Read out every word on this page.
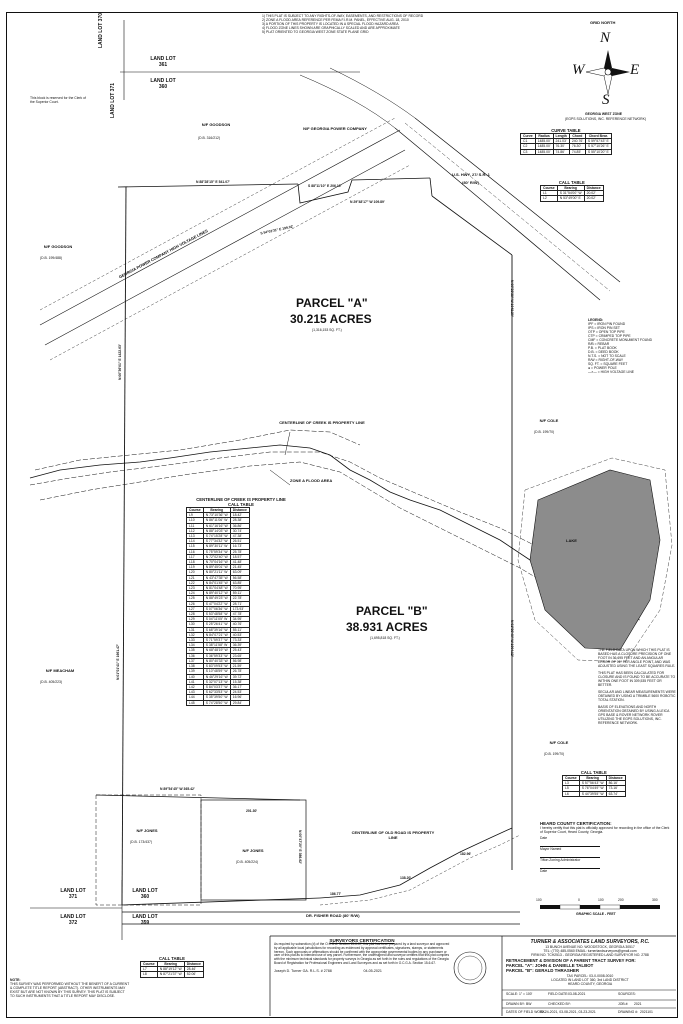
1) THIS PLAT IS SUBJECT TO ANY RIGHTS-OF-WAY, EASEMENTS, AND RESTRICTIONS OF RECORD
2) ZONE A FLOOD AREA REFERENCE PER FEMA F.I.R.M. PANEL, EFFECTIVE AUG. 18, 2010
3) A PORTION OF THIS PROPERTY IS LOCATED IN A SPECIAL FLOOD HAZARD AREA
4) FLOOD ZONE LINES SHOWN ARE GRAPHICALLY SCALED AND ARE APPROXIMATE
5) PLAT ORIENTED TO GEORGIA WEST ZONE STATE PLANE GRID
GRID NORTH
N
W	E
S
GEORGIA WEST ZONE
(EGPS SOLUTIONS, INC. REFERENCE NETWORK)
CURVE TABLE
Curve	Radius	Length	Chord	Chord Bear.
C1	1485.00'	241.03'	240.76'	S 59°57'43" E
C2	1485.00'	76.30'	76.30'	S 57°10'26" E
C3	1485.00'	74.86'	74.85'	S 55°10'20" E
CALL TABLE
Course	Bearing	Distance
L1	S 31°54'00" W	20.02'
L2	N 53°49'00" E	20.02'
LEGEND:
IPF = IRON PIN FOUND
IPS = IRON PIN SET
OTP = OPEN TOP PIPE
CTP = CRIMPED TOP PIPE
CMF = CONCRETE MONUMENT FOUND
R/B = REBAR
P.B. = PLAT BOOK
D.B. = DEED BOOK
N.T.S. = NOT TO SCALE
R/W = RIGHT-OF-WAY
SQ. FT. = SQUARE FEET
● = POWER POLE
—×— = HIGH VOLTAGE LINE
LAND LOT 361
LAND LOT 360
LAND LOT 370
LAND LOT 371
This block is reserved for the Clerk of the Superior Court.
N/F GOODSON
(D.B. 316/212)
N/F GOODSON
(D.B. 199/488)
N/F GEORGIA POWER COMPANY
U.S. HWY. 27/ S.R. 1
(80' R/W)
GEORGIA POWER COMPANY HIGH VOLTAGE LINES
PARCEL "A"
30.215 ACRES
(1,316,153 SQ. FT.)
CENTERLINE OF CREEK IS PROPERTY LINE
ZONE A FLOOD AREA
N/F COLE
(D.B. 199/70)
LAKE
CENTERLINE OF CREEK IS PROPERTY LINE
CALL TABLE
Course	Bearing	Distance
L9	N 73°10'36" W	18.42'
L10	N 86°11'06" W	28.38'
L11	N 61°16'16" W	36.86'
L12	N 88°14'03" W	30.74'
L13	S 74°15'28" W	47.38'
L14	S 77°34'32" W	26.51'
L15	N 89°30'11" W	16.73'
L16	S 75°59'34" W	25.78'
L17	N 72°02'40" W	18.57'
L18	N 70°04'16" W	41.48'
L19	N 89°45'01" W	21.45'
L20	N 80°21'11" W	63.09'
L21	N 43°47'35" W	56.58'
L22	N 84°01'45" W	63.85'
L23	N 81°04'48" W	70.95'
L24	N 89°40'12" W	59.11'
L25	N 88°49'23" W	22.78'
L26	S 47°04'22" W	28.71'
L27	S 07°06'36" W	173.93'
L28	S 53°48'58" W	47.78'
L29	S 04°11'05" W	34.95'
L30	S 25°26'41" W	40.76'
L31	S 68°39'16" W	55.11'
L32	N 84°07'21" W	40.53'
L33	S 71°59'37" W	73.33'
L34	S 38°11'58" W	36.39'
L35	N 68°48'19" W	25.43'
L36	S 36°59'33" W	23.65'
L37	N 80°40'33" W	56.98'
L38	S 83°09'53" W	21.59'
L39	S 10°48'59" W	26.78'
L40	N 46°29'16" W	39.72'
L41	S 32°07'13" W	15.38'
L42	S 84°03'37" W	36.17'
L43	S 62°33'53" W	24.53'
L44	S 35°39'50" W	16.96'
L45	S 74°28'50" W	29.84'
PARCEL "B"
38.931 ACRES
(1,695,818 SQ. FT.)
THE FIELD DATA UPON WHICH THIS PLAT IS BASED HAS A CLOSURE PRECISION OF ONE FOOT IN 36,695 FEET AND AN ANGULAR ERROR OF 01" PER ANGLE POINT, AND WAS ADJUSTED USING THE LEAST SQUARES RULE.
THIS PLAT HAS BEEN CALCULATED FOR CLOSURE AND IS FOUND TO BE ACCURATE TO WITHIN ONE FOOT IN 309,535 FEET OR BETTER.
SECULAR AND LINEAR MEASUREMENTS WERE OBTAINED BY USING A TRIMBLE 5600 ROBOTIC TOTAL STATION.
BASIS OF ELEVATIONS AND NORTH ORIENTATION OBTAINED BY USING A LEICA GPS BASE & ROVER NETWORK ROVER UTILIZING THE EGPS SOLUTIONS, INC. REFERENCE NETWORK.
N/F MEACHAM
(D.B. 405/223)
N/F COLE
(D.B. 199/70)
CALL TABLE
Course	Bearing	Distance
L3	S 57°56'43" W	86.16'
L5	S 76°04'49" W	73.16'
L6	S 44°39'55" W	63.74'
HEARD COUNTY CERTIFICATION:
I hereby certify that this plat is officially approved for recording in the office of the Clerk of Superior Court, Heard County, Georgia.
Date
Mayor Named
Tifton Zoning Administrator
Date
N/F JONES
(D.B. 173/437)
N/F JONES
(D.B. 405/224)
CENTERLINE OF OLD ROAD IS PROPERTY LINE
DR. FISHER ROAD (80' R/W)
LAND LOT 371
LAND LOT 372
LAND LOT 360
LAND LOT 359
N 88°28'15" E 541.07'
S 88°11'10" E 206.10'
N 29°48'17" W 109.89'
S 54°02'31" E 199.02'
N 00°36'01" E 1422.63'
N 01°01'41" E 1661.47'
N 00°33'39" W 1042.20'
N 01°09'40" W 1004.12'
N 89°54'45" W 365.42'
N 00°47'20" E 386.62'
201.30'
186.77'
138.20'
182.96'
100	0	100	200	300
GRAPHIC SCALE - FEET
CALL TABLE
Course	Bearing	Distance
L7	N 88°19'12" W	28.46'
L8	N 87°21'37" W	52.06'
NOTE:
THIS SURVEY WAS PERFORMED WITHOUT THE BENEFIT OF A CURRENT & COMPLETE TITLE REPORT (ABSTRACT). OTHER INSTRUMENTS MAY EXIST BUT ARE NOT KNOWN BY THIS SURVEY. THIS PLAT IS SUBJECT TO SUCH INSTRUMENTS THAT A TITLE REPORT MAY DISCLOSE.
SURVEYORS CERTIFICATION
As required by subsection (d) of the O.C.G.A. Section 15-6-67, this plat has been prepared by a land surveyor and approved by all applicable local jurisdictions for recording as evidenced by approval certificates, signatures, stamps, or statements hereon. Such approvals or affirmations should be confirmed with the appropriate governmental bodies by any purchaser or user of this plat as to intended use of any parcel. Furthermore, the undersigned land surveyor certifies that this plat complies with the minimum technical standards for property surveys in Georgia as set forth in the rules and regulations of the Georgia Board of Registration for Professional Engineers and Land Surveyors and as set forth in O.C.G.A. Section 15-6-67.
Joseph D. Turner GA. R.L.S. # 2788	04-05-2021
TURNER & ASSOCIATES LAND SURVEYORS, P.C.
13 BUNCH AVENUE NO. WOODSTOCK, GEORGIA 30517
TEL: (770) 485-0560 EMAIL: turnerlandsurveyors@gmail.com
FIRM NO. TCH2513 - GEORGIA REGISTERED LAND SURVEYOR NO. 2788
RETRACEMENT & DIVISION OF A PARENT TRACT SURVEY FOR:
PARCEL "A": JOHN & DANIELLE TALBOT
PARCEL "B": GERALD THRASHER
TAX PARCEL: 03-0-0008-0010
LOCATED IN LAND LOT 360, 3rd LAND DISTRICT
HEARD COUNTY, GEORGIA
SCALE: 1" = 100'	FIELD DATE: 03-08-2021	SOURCES:
DRAWN BY: BW	CHECKED BY:	JOB #: 2021
DATES OF FIELD WORK:
02-24-2021, 03-08-2021, 03-23-2021	DRAWING #: 2021101
